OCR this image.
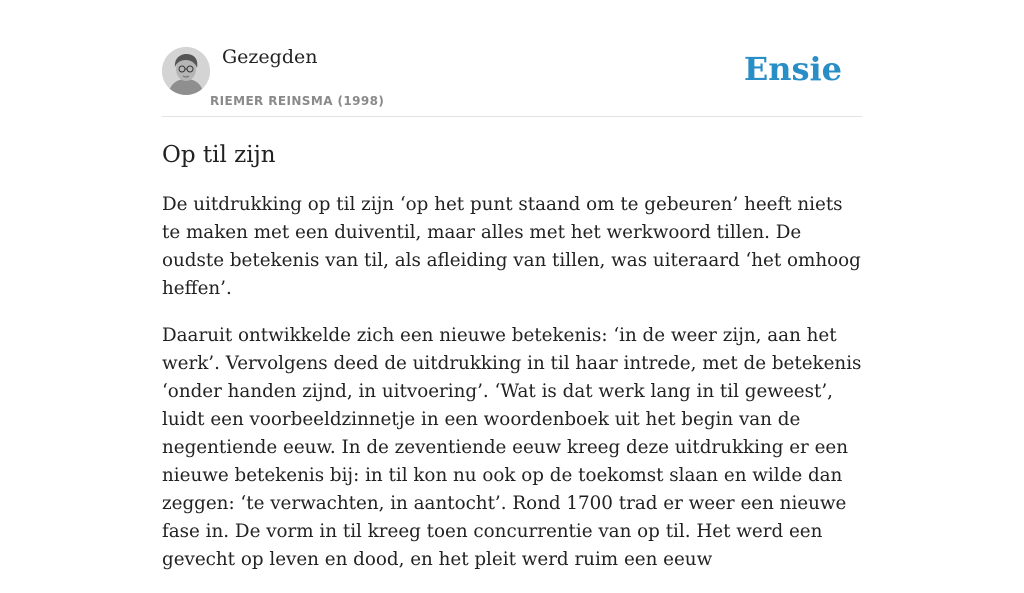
Gezegden
RIEMER REINSMA (1998)
Ensie
Op til zijn

De uitdrukking op til zijn ‘op het punt staand om te gebeuren’ heeft niets te maken met een duiventil, maar alles met het werkwoord tillen. De oudste betekenis van til, als afleiding van tillen, was uiteraard ‘het omhoog heffen’.

Daaruit ontwikkelde zich een nieuwe betekenis: ‘in de weer zijn, aan het werk’. Vervolgens deed de uitdrukking in til haar intrede, met de betekenis ‘onder handen zijnd, in uitvoering’. ‘Wat is dat werk lang in til geweest’, luidt een voorbeeldzinnetje in een woordenboek uit het begin van de negentiende eeuw. In de zeventiende eeuw kreeg deze uitdrukking er een nieuwe betekenis bij: in til kon nu ook op de toekomst slaan en wilde dan zeggen: ‘te verwachten, in aantocht’. Rond 1700 trad er weer een nieuwe fase in. De vorm in til kreeg toen concurrentie van op til. Het werd een gevecht op leven en dood, en het pleit werd ruim een eeuw
